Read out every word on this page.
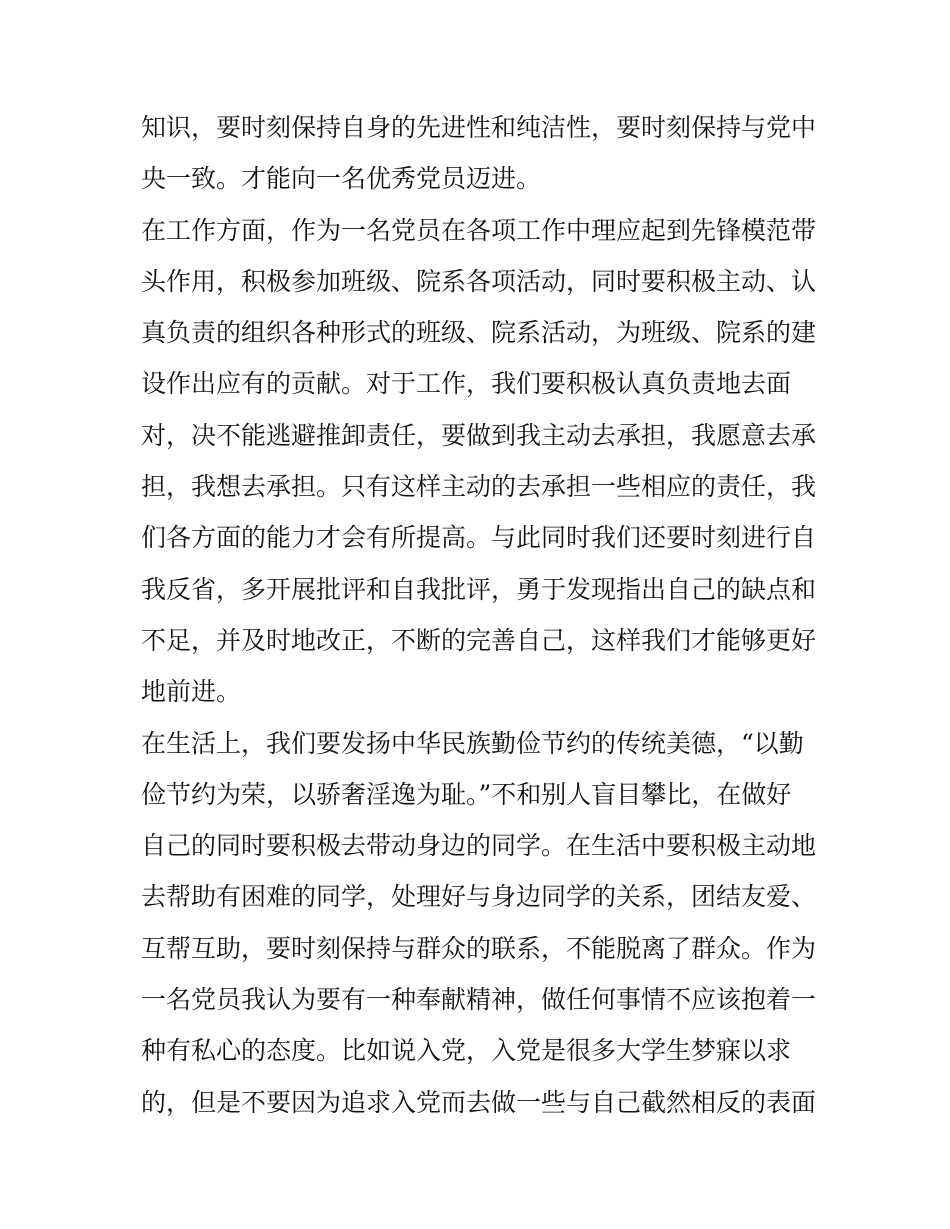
知识，要时刻保持自身的先进性和纯洁性，要时刻保持与党中
央一致。才能向一名优秀党员迈进。
在工作方面，作为一名党员在各项工作中理应起到先锋模范带
头作用，积极参加班级、院系各项活动，同时要积极主动、认
真负责的组织各种形式的班级、院系活动，为班级、院系的建
设作出应有的贡献。对于工作，我们要积极认真负责地去面
对，决不能逃避推卸责任，要做到我主动去承担，我愿意去承
担，我想去承担。只有这样主动的去承担一些相应的责任，我
们各方面的能力才会有所提高。与此同时我们还要时刻进行自
我反省，多开展批评和自我批评，勇于发现指出自己的缺点和
不足，并及时地改正，不断的完善自己，这样我们才能够更好
地前进。
在生活上，我们要发扬中华民族勤俭节约的传统美德，“以勤
俭节约为荣，以骄奢淫逸为耻。”不和别人盲目攀比，在做好
自己的同时要积极去带动身边的同学。在生活中要积极主动地
去帮助有困难的同学，处理好与身边同学的关系，团结友爱、
互帮互助，要时刻保持与群众的联系，不能脱离了群众。作为
一名党员我认为要有一种奉献精神，做任何事情不应该抱着一
种有私心的态度。比如说入党，入党是很多大学生梦寐以求
的，但是不要因为追求入党而去做一些与自己截然相反的表面
